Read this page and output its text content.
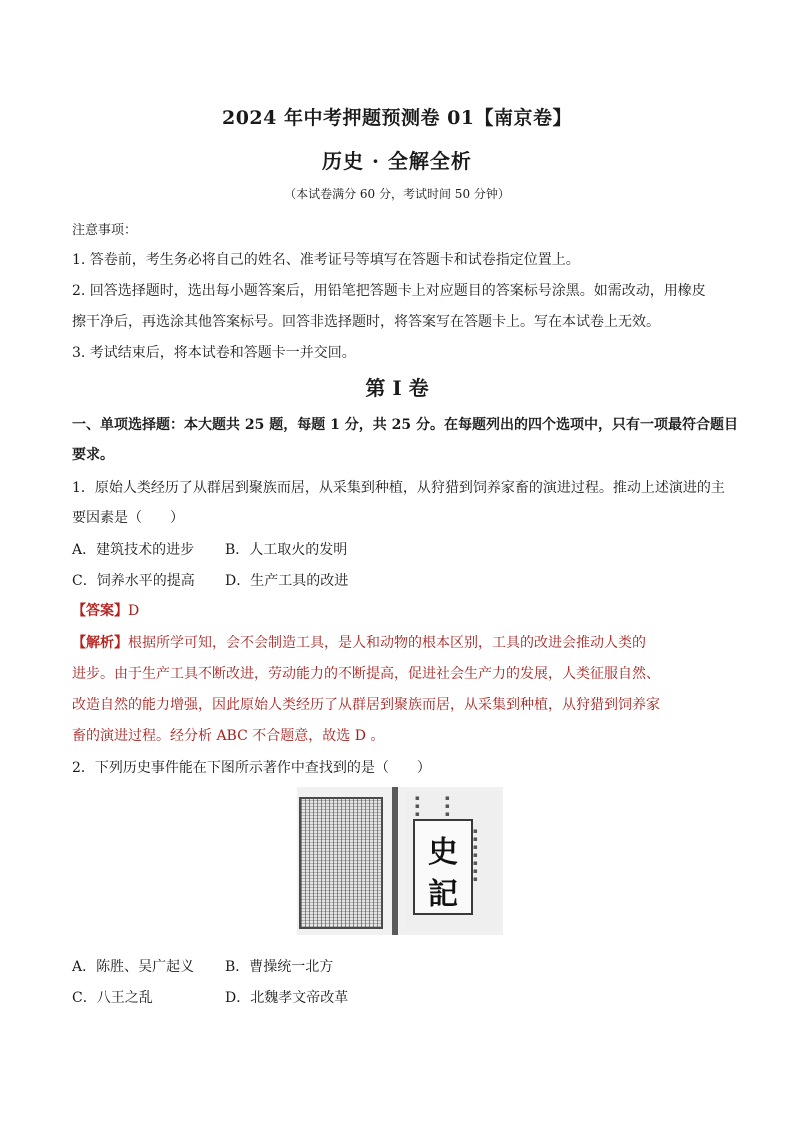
2024 年中考押题预测卷 01【南京卷】
历史 · 全解全析
（本试卷满分 60 分，考试时间 50 分钟）
注意事项：
1. 答卷前，考生务必将自己的姓名、准考证号等填写在答题卡和试卷指定位置上。
2. 回答选择题时，选出每小题答案后，用铅笔把答题卡上对应题目的答案标号涂黑。如需改动，用橡皮
擦干净后，再选涂其他答案标号。回答非选择题时，将答案写在答题卡上。写在本试卷上无效。
3. 考试结束后，将本试卷和答题卡一并交回。
第 I 卷
一、单项选择题：本大题共 25 题，每题 1 分，共 25 分。在每题列出的四个选项中，只有一项最符合题目
要求。
1．原始人类经历了从群居到聚族而居，从采集到种植，从狩猎到饲养家畜的演进过程。推动上述演进的主
要因素是（　　）
A．建筑技术的进步 B．人工取火的发明
C．饲养水平的提高 D．生产工具的改进
【答案】D
【解析】根据所学可知，会不会制造工具，是人和动物的根本区别，工具的改进会推动人类的
进步。由于生产工具不断改进，劳动能力的不断提高，促进社会生产力的发展，人类征服自然、
改造自然的能力增强，因此原始人类经历了从群居到聚族而居，从采集到种植，从狩猎到饲养家
畜的演进过程。经分析 ABC 不合题意，故选 D 。
2．下列历史事件能在下图所示著作中查找到的是（　　）
▪▪▪
▪▪▪
史
記
▪▪▪▪▪▪▪
A．陈胜、吴广起义 B．曹操统一北方
C．八王之乱	D．北魏孝文帝改革
